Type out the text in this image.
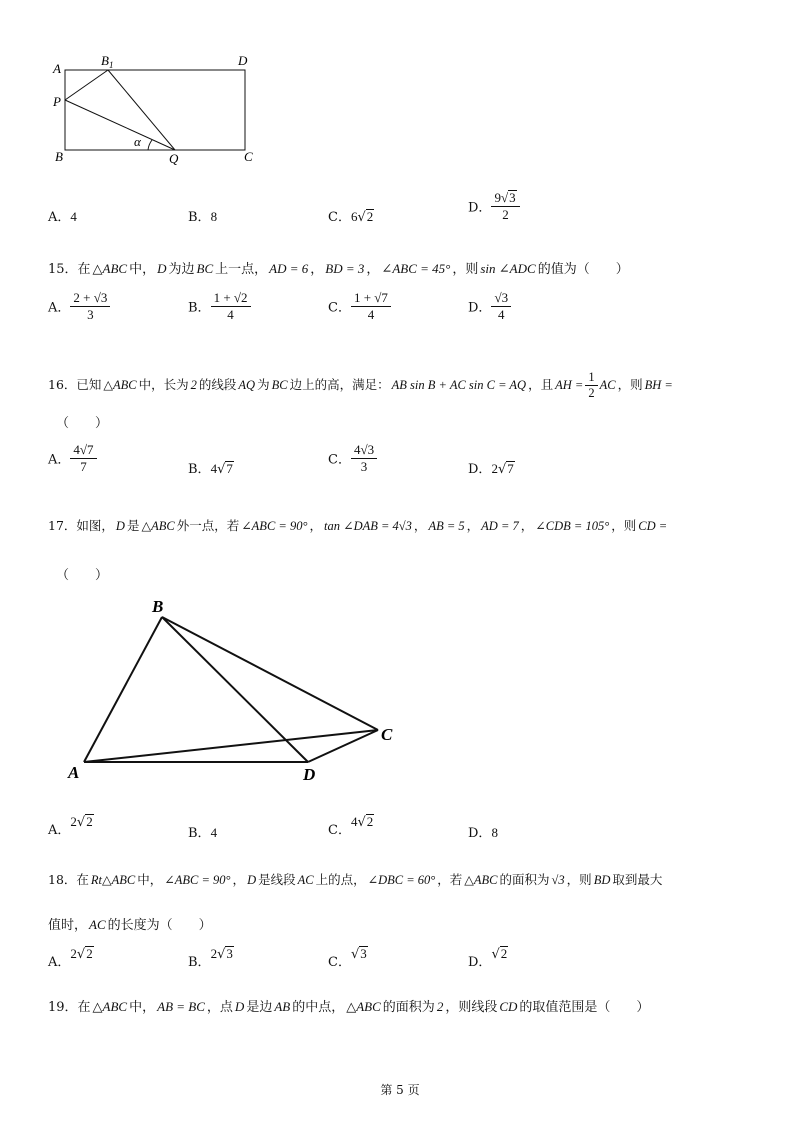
A
$B_1$	D
P
B
α
Q	C
A．4	B．8	C．6√2
D． $\frac{9√3}{2}$
15．在 △ABC 中， D 为边 BC 上一点， AD = 6 ， BD = 3 ， ∠ABC = 45° ，则 sin ∠ADC 的值为（　　）
A． $\frac{2 + √3}{3}$	B． $\frac{1 + √2}{4}$	C． $\frac{1 + √7}{4}$	D． $\frac{√3}{4}$
16．已知 △ABC 中，长为 2 的线段 AQ 为 BC 边上的高，满足： AB sin B + AC sin C = AQ ，且 AH = $\frac{1}{2}$ AC ，则 BH =
（　　）
A． $\frac{4√7}{7}$	B．4√7
C． $\frac{4√3}{3}$	D．2√7
17．如图， D 是 △ABC 外一点，若 ∠ABC = 90° ， tan ∠DAB = 4√3 ， AB = 5 ， AD = 7 ， ∠CDB = 105° ，则 CD =
（　　）
B
A	D
C
A．2√2
B．4	C．4√2
D．8
18．在 Rt△ABC 中， ∠ABC = 90° ， D 是线段 AC 上的点， ∠DBC = 60° ，若 △ABC 的面积为 √3 ，则 BD 取到最大
值时， AC 的长度为（　　）
A．2√2
B．2√3
C．√3
D．√2
19．在 △ABC 中， AB = BC ，点 D 是边 AB 的中点， △ABC 的面积为 2 ，则线段 CD 的取值范围是（　　）
第 5 页
